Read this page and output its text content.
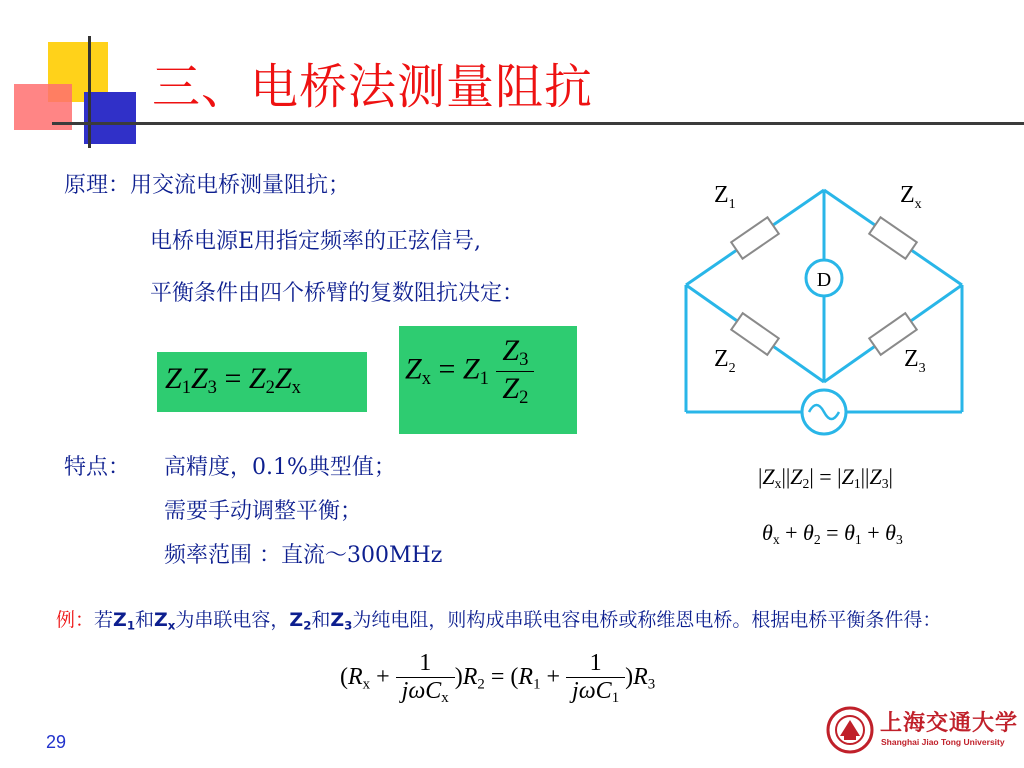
三、电桥法测量阻抗
原理：用交流电桥测量阻抗；
电桥电源E用指定频率的正弦信号,
平衡条件由四个桥臂的复数阻抗决定：
$Z_1Z_3 = Z_2Z_x$
$Z_x = Z_1 \frac{Z_3}{Z_2}$
D
$Z_1$	$Z_x$
$Z_2$	$Z_3$
$|Z_x||Z_2| = |Z_1||Z_3|$
$\theta_x + \theta_2 = \theta_1 + \theta_3$
特点： 高精度，0.1%典型值；
需要手动调整平衡；
频率范围 ：直流～300MHz
例：若$Z_1$和$Z_x$为串联电容，$Z_2$和$Z_3$为纯电阻，则构成串联电容电桥或称维恩电桥。根据电桥平衡条件得：
$(R_x + \frac{1}{j\omega C_x} )R_2 = (R_1 + \frac{1}{j\omega C_1} )R_3$
上海交通大学
Shanghai Jiao Tong University
29
